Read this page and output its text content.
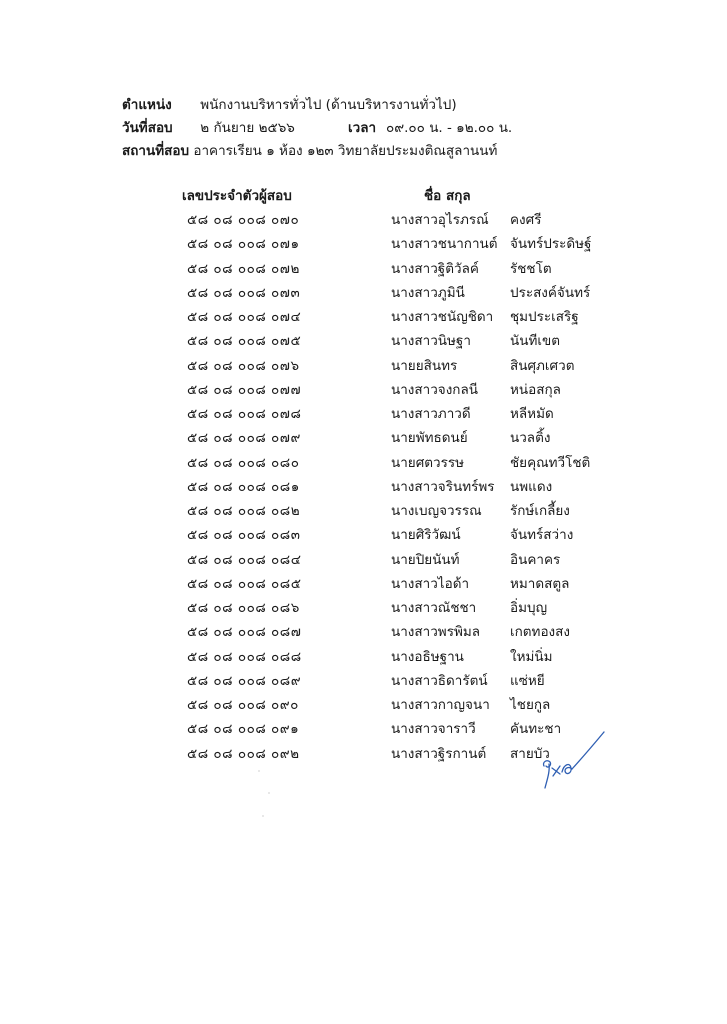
ตำแหน่ง พนักงานบริหารทั่วไป (ด้านบริหารงานทั่วไป)
วันที่สอบ ๒ กันยาย ๒๕๖๖	เวลา ๐๙.๐๐ น. - ๑๒.๐๐ น.
สถานที่สอบ อาคารเรียน ๑ ห้อง ๑๒๓ วิทยาลัยประมงติณสูลานนท์
เลขประจำตัวผู้สอบ	ชื่อ สกุล
๕๘ ๐๘ ๐๐๘ ๐๗๐	นางสาวอุไรภรณ์ คงศรี
๕๘ ๐๘ ๐๐๘ ๐๗๑	นางสาวชนากานต์ จันทร์ประดิษฐ์
๕๘ ๐๘ ๐๐๘ ๐๗๒	นางสาวฐิติวัลค์ รัชชโต
๕๘ ๐๘ ๐๐๘ ๐๗๓	นางสาวภูมินี	ประสงค์จันทร์
๕๘ ๐๘ ๐๐๘ ๐๗๔	นางสาวชนัญชิดา ชุมประเสริฐ
๕๘ ๐๘ ๐๐๘ ๐๗๕	นางสาวนิษฐา	นันทีเขต
๕๘ ๐๘ ๐๐๘ ๐๗๖	นายยสินทร	สินศุภเศวต
๕๘ ๐๘ ๐๐๘ ๐๗๗	นางสาวจงกลนี หน่อสกุล
๕๘ ๐๘ ๐๐๘ ๐๗๘	นางสาวภาวดี	หลีหมัด
๕๘ ๐๘ ๐๐๘ ๐๗๙	นายพัทธดนย์	นวลติ้ง
๕๘ ๐๘ ๐๐๘ ๐๘๐	นายศตวรรษ	ชัยคุณทวีโชติ
๕๘ ๐๘ ๐๐๘ ๐๘๑	นางสาวจรินทร์พร นพแดง
๕๘ ๐๘ ๐๐๘ ๐๘๒	นางเบญจวรรณ รักษ์เกลี้ยง
๕๘ ๐๘ ๐๐๘ ๐๘๓	นายศิริวัฒน์	จันทร์สว่าง
๕๘ ๐๘ ๐๐๘ ๐๘๔	นายปิยนันท์	อินคาคร
๕๘ ๐๘ ๐๐๘ ๐๘๕	นางสาวไอด้า	หมาดสตูล
๕๘ ๐๘ ๐๐๘ ๐๘๖	นางสาวณัชชา	อิ่มบุญ
๕๘ ๐๘ ๐๐๘ ๐๘๗	นางสาวพรพิมล เกตทองสง
๕๘ ๐๘ ๐๐๘ ๐๘๘	นางอธิษฐาน	ใหม่นิ่ม
๕๘ ๐๘ ๐๐๘ ๐๘๙	นางสาวธิดารัตน์ แซ่หยี
๕๘ ๐๘ ๐๐๘ ๐๙๐	นางสาวกาญจนา ไชยกูล
๕๘ ๐๘ ๐๐๘ ๐๙๑	นางสาวจาราวี	คันทะชา
๕๘ ๐๘ ๐๐๘ ๐๙๒	นางสาวฐิรกานต์ สายบัว
